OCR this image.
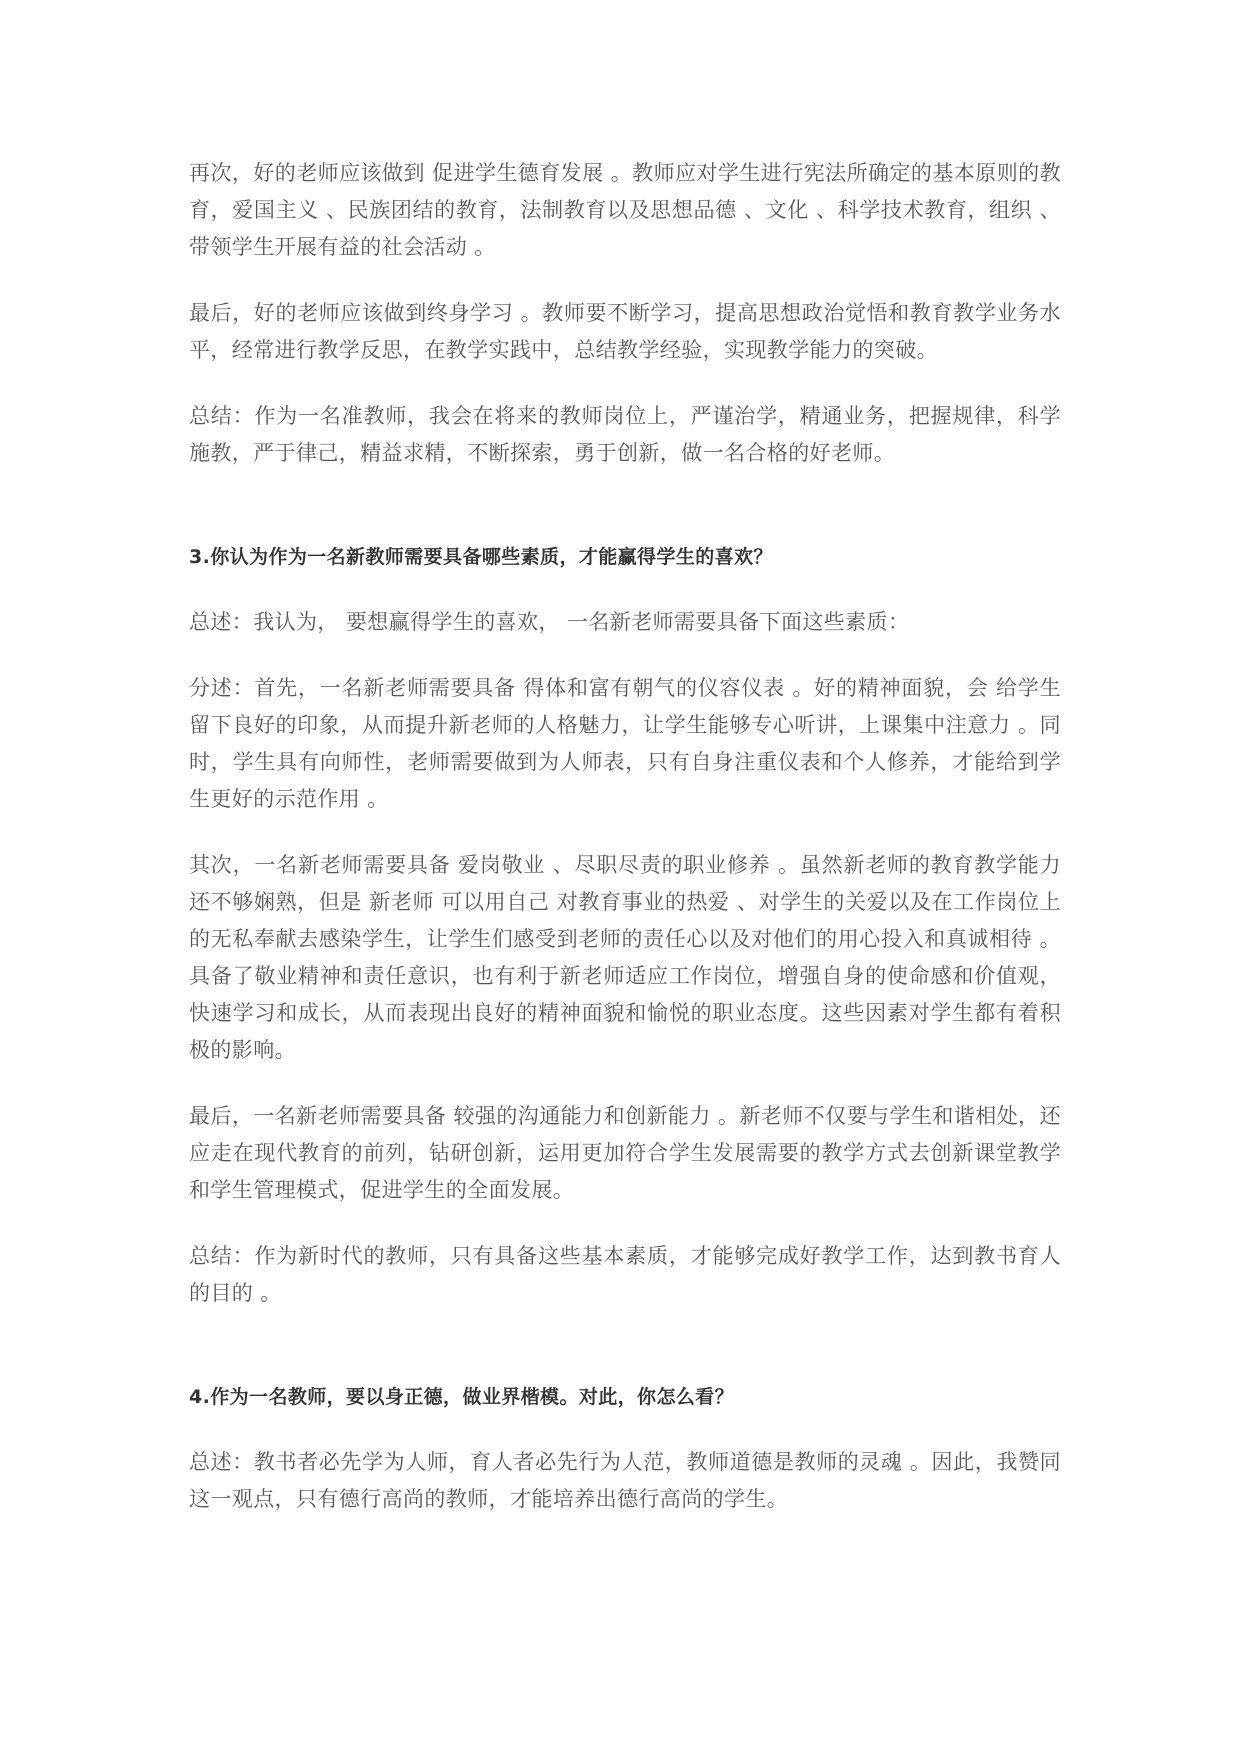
再次，好的老师应该做到 促进学生德育发展 。教师应对学生进行宪法所确定的基本原则的教育，爱国主义 、民族团结的教育，法制教育以及思想品德 、文化 、科学技术教育，组织 、带领学生开展有益的社会活动 。

最后，好的老师应该做到终身学习 。教师要不断学习，提高思想政治觉悟和教育教学业务水平，经常进行教学反思，在教学实践中，总结教学经验，实现教学能力的突破。

总结：作为一名准教师，我会在将来的教师岗位上，严谨治学，精通业务，把握规律，科学施教，严于律己，精益求精，不断探索，勇于创新，做一名合格的好老师。

3.你认为作为一名新教师需要具备哪些素质，才能赢得学生的喜欢？

总述：我认为， 要想赢得学生的喜欢， 一名新老师需要具备下面这些素质：

分述：首先，一名新老师需要具备 得体和富有朝气的仪容仪表 。好的精神面貌，会 给学生留下良好的印象，从而提升新老师的人格魅力，让学生能够专心听讲，上课集中注意力 。同时，学生具有向师性，老师需要做到为人师表，只有自身注重仪表和个人修养，才能给到学生更好的示范作用 。

其次，一名新老师需要具备 爱岗敬业 、尽职尽责的职业修养 。虽然新老师的教育教学能力还不够娴熟，但是 新老师 可以用自己 对教育事业的热爱 、对学生的关爱以及在工作岗位上的无私奉献去感染学生，让学生们感受到老师的责任心以及对他们的用心投入和真诚相待 。具备了敬业精神和责任意识，也有利于新老师适应工作岗位，增强自身的使命感和价值观，快速学习和成长，从而表现出良好的精神面貌和愉悦的职业态度。这些因素对学生都有着积极的影响。

最后，一名新老师需要具备 较强的沟通能力和创新能力 。新老师不仅要与学生和谐相处，还应走在现代教育的前列，钻研创新，运用更加符合学生发展需要的教学方式去创新课堂教学和学生管理模式，促进学生的全面发展。

总结：作为新时代的教师，只有具备这些基本素质，才能够完成好教学工作，达到教书育人的目的 。

4.作为一名教师，要以身正德，做业界楷模。对此，你怎么看？

总述：教书者必先学为人师，育人者必先行为人范，教师道德是教师的灵魂 。因此，我赞同这一观点，只有德行高尚的教师，才能培养出德行高尚的学生。
